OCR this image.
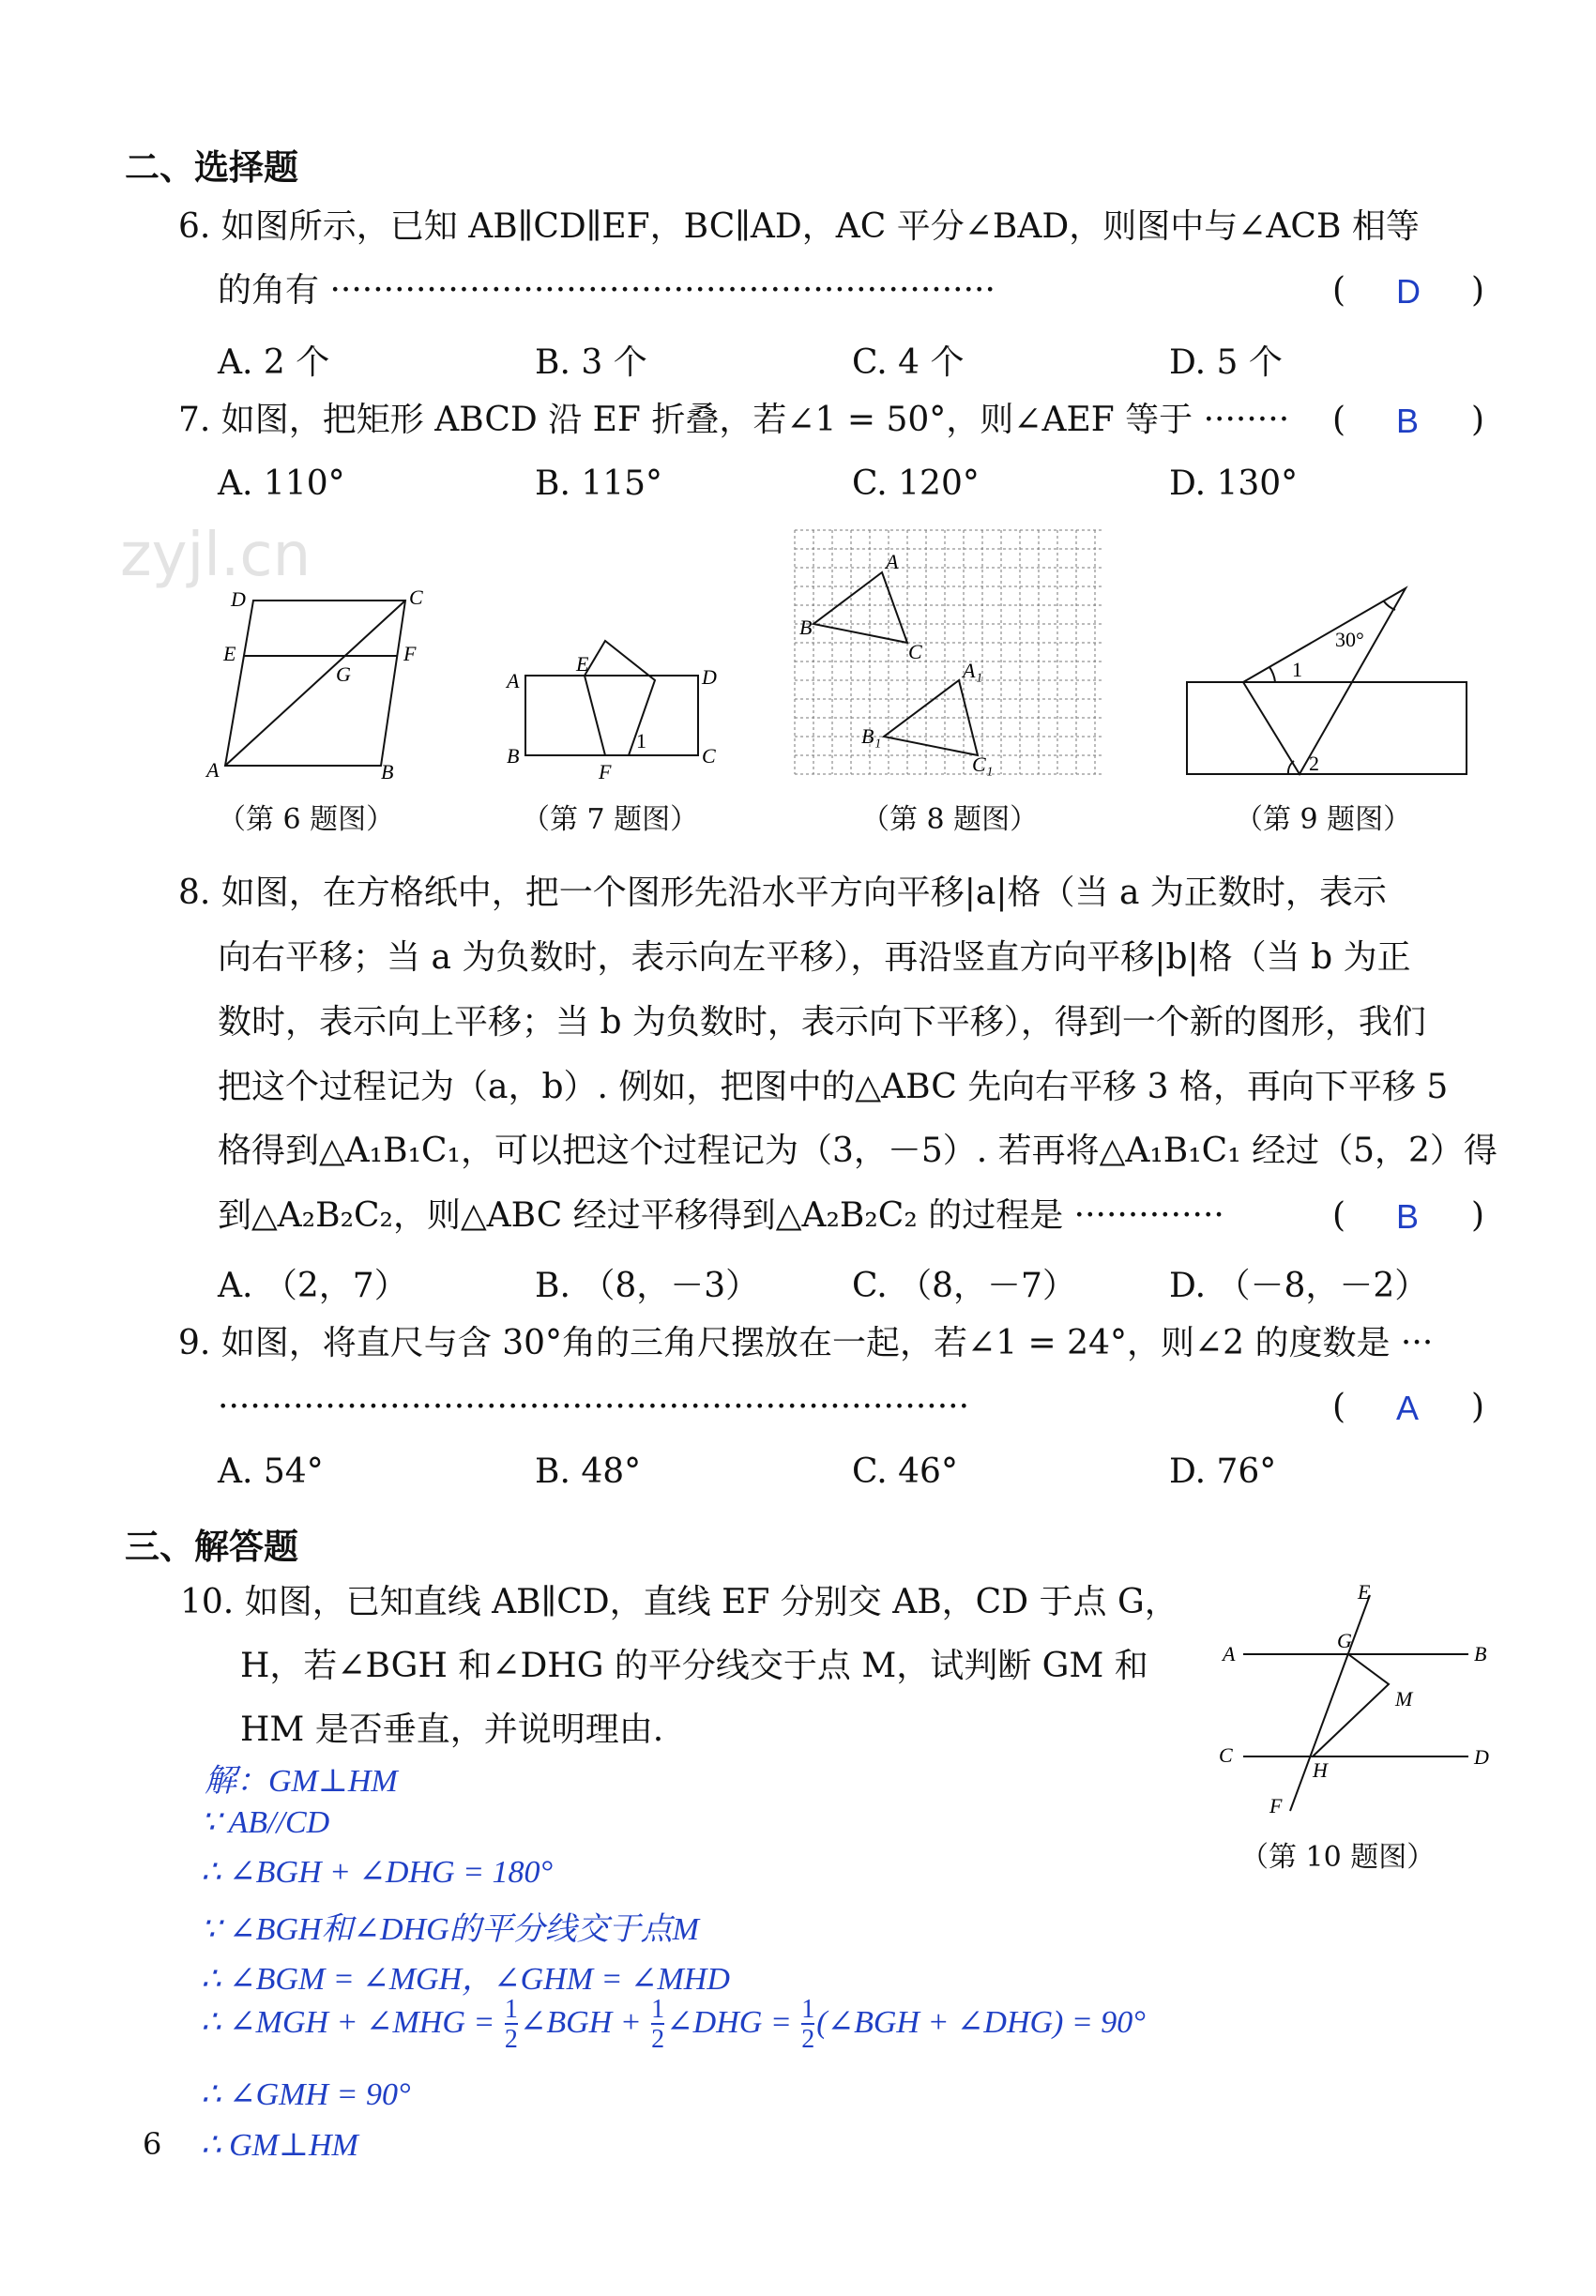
二、选择题
6. 如图所示，已知 AB∥CD∥EF，BC∥AD，AC 平分∠BAD，则图中与∠ACB 相等
的角有 ······························································	( D )
A. 2 个	B. 3 个	C. 4 个	D. 5 个
7. 如图，把矩形 ABCD 沿 EF 折叠，若∠1 = 50°，则∠AEF 等于 ········ ( B )
A. 110°	B. 115°	C. 120°	D. 130°
zyjl.cn
D	C
E	F
G
A	B
（第 6 题图）
E
A	D
B
F
C
1
（第 7 题图）
A
B
C
A₁
B₁
C₁
（第 8 题图）
30°
1
2
（第 9 题图）
8. 如图，在方格纸中，把一个图形先沿水平方向平移|a|格（当 a 为正数时，表示
向右平移；当 a 为负数时，表示向左平移），再沿竖直方向平移|b|格（当 b 为正
数时，表示向上平移；当 b 为负数时，表示向下平移），得到一个新的图形，我们
把这个过程记为（a，b）. 例如，把图中的△ABC 先向右平移 3 格，再向下平移 5
格得到△A₁B₁C₁，可以把这个过程记为（3，－5）. 若再将△A₁B₁C₁ 经过（5，2）得
到△A₂B₂C₂，则△ABC 经过平移得到△A₂B₂C₂ 的过程是 ··············	( B )
A. （2，7）	B. （8，－3）	C. （8，－7）	D. （－8，－2）
9. 如图，将直尺与含 30°角的三角尺摆放在一起，若∠1 = 24°，则∠2 的度数是 ···
······································································	( A )
A. 54°	B. 48°	C. 46°	D. 76°
三、解答题
10. 如图，已知直线 AB∥CD，直线 EF 分别交 AB，CD 于点 G，
H，若∠BGH 和∠DHG 的平分线交于点 M，试判断 GM 和
HM 是否垂直，并说明理由.
E
G
A	B
M
C
H
D
F
（第 10 题图）
解：GM⊥HM
∵ AB//CD
∴ ∠BGH + ∠DHG = 180°
∵ ∠BGH和∠DHG的平分线交于点M
∴ ∠BGM = ∠MGH，∠GHM = ∠MHD
∴ ∠MGH + ∠MHG = $\frac{1}{2}$ ∠BGH + $\frac{1}{2}$ ∠DHG = $\frac{1}{2}$ (∠BGH + ∠DHG) = 90°
∴ ∠GMH = 90°
6 ∴ GM⊥HM
